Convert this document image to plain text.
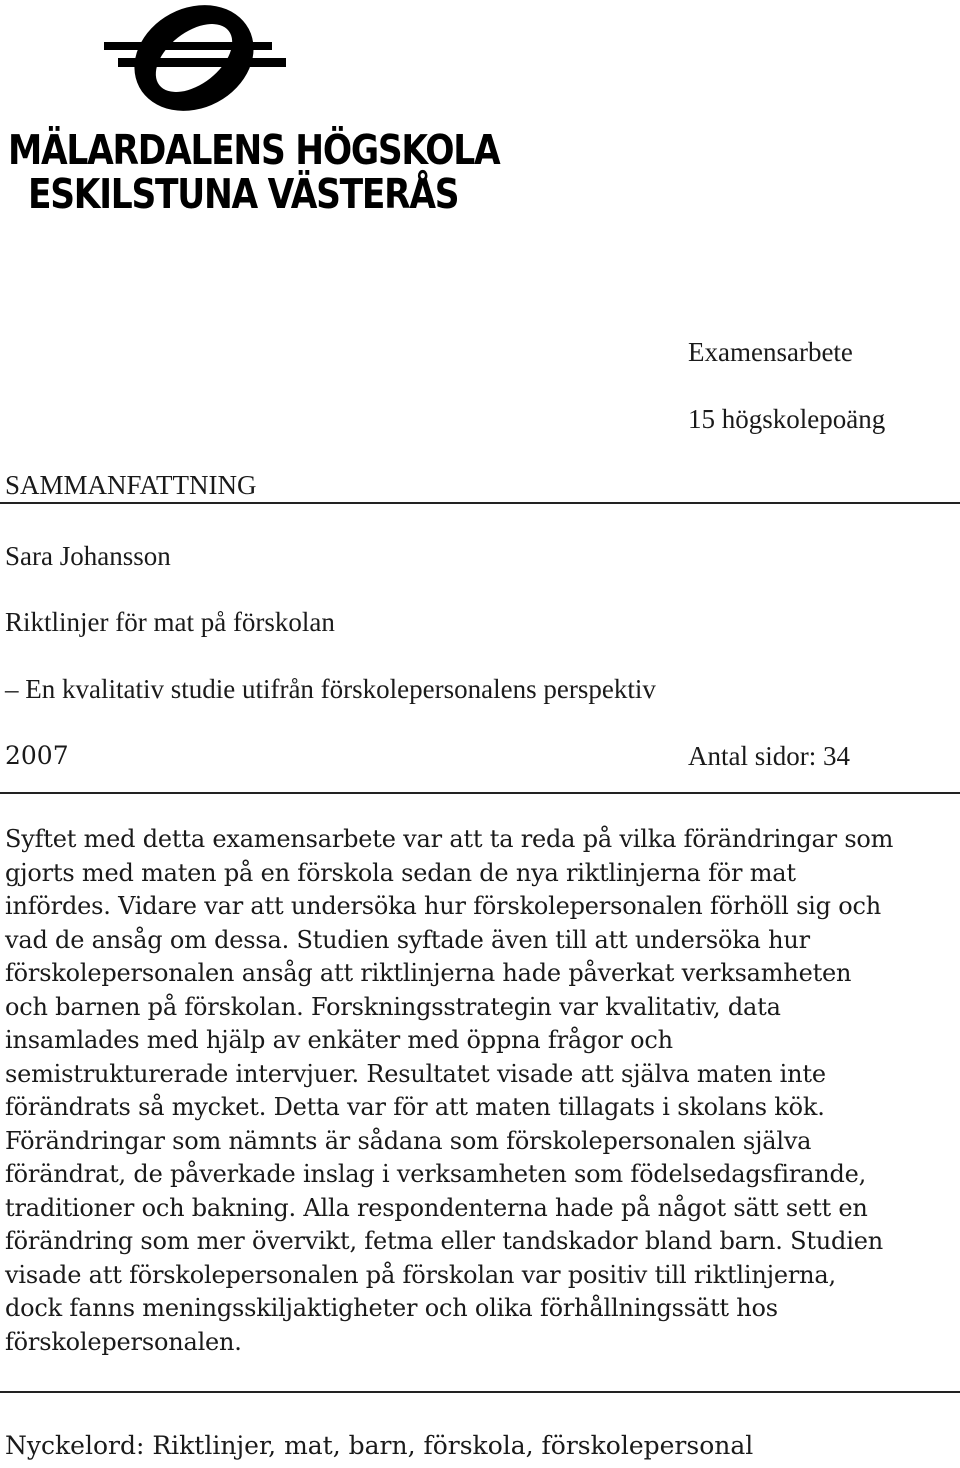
MÄLARDALENS HÖGSKOLA
ESKILSTUNA VÄSTERÅS
Examensarbete
15 högskolepoäng
SAMMANFATTNING
Sara Johansson
Riktlinjer för mat på förskolan
– En kvalitativ studie utifrån förskolepersonalens perspektiv
2007	Antal sidor: 34
Syftet med detta examensarbete var att ta reda på vilka förändringar som
gjorts med maten på en förskola sedan de nya riktlinjerna för mat
infördes. Vidare var att undersöka hur förskolepersonalen förhöll sig och
vad de ansåg om dessa. Studien syftade även till att undersöka hur
förskolepersonalen ansåg att riktlinjerna hade påverkat verksamheten
och barnen på förskolan. Forskningsstrategin var kvalitativ, data
insamlades med hjälp av enkäter med öppna frågor och
semistrukturerade intervjuer. Resultatet visade att själva maten inte
förändrats så mycket. Detta var för att maten tillagats i skolans kök.
Förändringar som nämnts är sådana som förskolepersonalen själva
förändrat, de påverkade inslag i verksamheten som födelsedagsfirande,
traditioner och bakning. Alla respondenterna hade på något sätt sett en
förändring som mer övervikt, fetma eller tandskador bland barn. Studien
visade att förskolepersonalen på förskolan var positiv till riktlinjerna,
dock fanns meningsskiljaktigheter och olika förhållningssätt hos
förskolepersonalen.
Nyckelord: Riktlinjer, mat, barn, förskola, förskolepersonal
